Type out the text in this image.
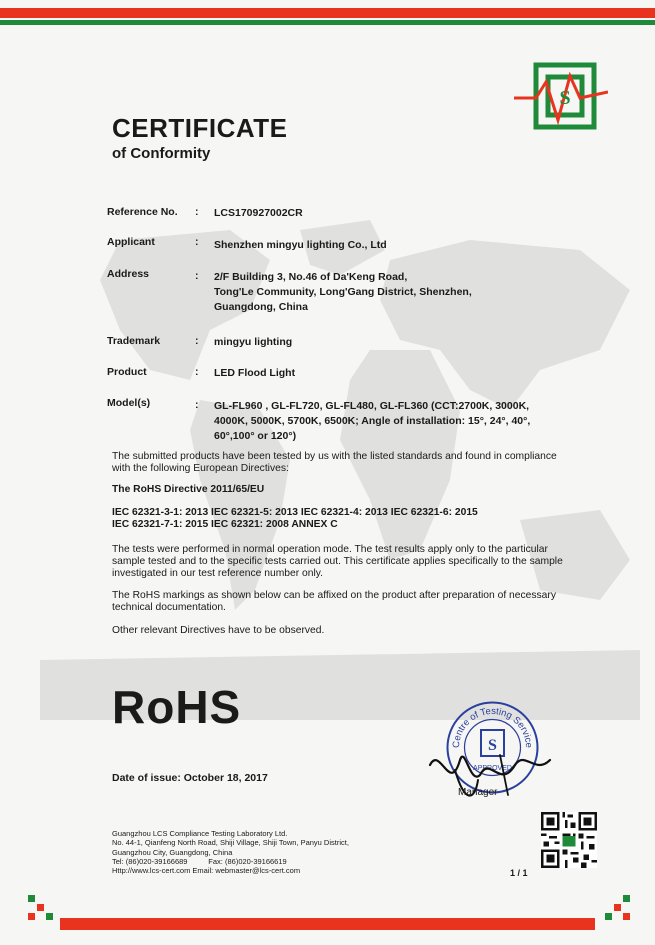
S
CERTIFICATE
of Conformity
Reference No. : LCS170927002CR
Applicant	: Shenzhen mingyu lighting Co., Ltd
Address	: 2/F Building 3, No.46 of Da'Keng Road,
Tong'Le Community, Long'Gang District, Shenzhen,
Guangdong, China
Trademark	: mingyu lighting
Product	: LED Flood Light
Model(s)	: GL-FL960 , GL-FL720, GL-FL480, GL-FL360 (CCT:2700K, 3000K,
4000K, 5000K, 5700K, 6500K; Angle of installation: 15°, 24°, 40°,
60°,100° or 120°)

The submitted products have been tested by us with the listed standards and found in compliance with the following European Directives:

The RoHS Directive 2011/65/EU

IEC 62321-3-1: 2013 IEC 62321-5: 2013 IEC 62321-4: 2013 IEC 62321-6: 2015
IEC 62321-7-1: 2015 IEC 62321: 2008 ANNEX C

The tests were performed in normal operation mode. The test results apply only to the particular sample tested and to the specific tests carried out. This certificate applies specifically to the sample investigated in our test reference number only.

The RoHS markings as shown below can be affixed on the product after preparation of necessary technical documentation.

Other relevant Directives have to be observed.

RoHS
Date of issue: October 18, 2017
Centre of Testing Service
S
APPROVED
Manager
Guangzhou LCS Compliance Testing Laboratory Ltd.
No. 44-1, Qianfeng North Road, Shiji Village, Shiji Town, Panyu District,
Guangzhou City, Guangdong, China
Tel: (86)020-39166689          Fax: (86)020-39166619
Http://www.lcs-cert.com Email: webmaster@lcs-cert.com	1 / 1
